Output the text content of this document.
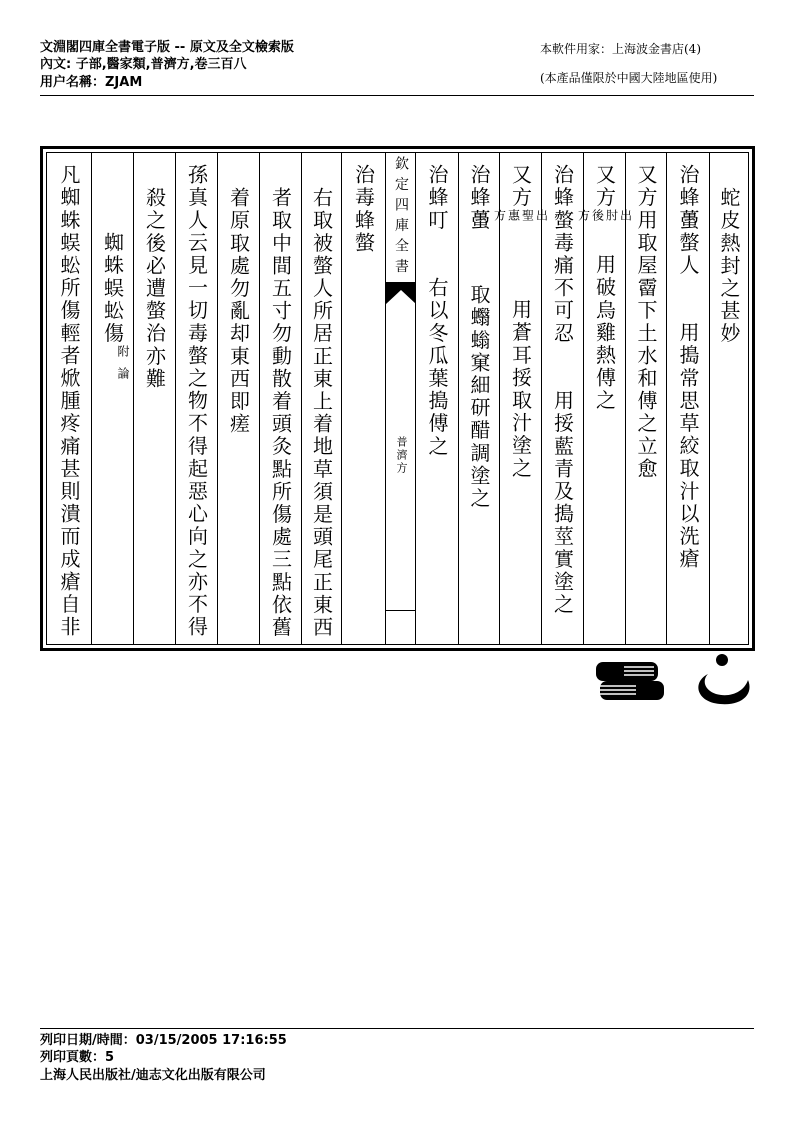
文淵閣四庫全書電子版 -- 原文及全文檢索版
內文: 子部,醫家類,普濟方,卷三百八
用户名稱：ZJAM
本軟件用家：上海波金書店(4)
(本產品僅限於中國大陸地區使用)
凡蜘蛛蜈蚣所傷輕者焮腫疼痛甚則潰而成瘡自非 蜘蛛蜈蚣傷
附論 殺之後必遭螫治亦難 孫真人云見一切毒螫之物不得起惡心向之亦不得 着原取處勿亂却東西即瘥 者取中間五寸勿動散着頭灸點所傷處三點依舊 右取被螫人所居正東上着地草須是頭尾正東西 治毒蜂螫	欽定四庫全書
普濟方
治蜂叮
右以冬瓜葉搗傅之
治蜂蠆
取蠮螉窠細研醋調塗之
又方
出聖惠方
用蒼耳挼取汁塗之
治蜂螫毒痛不可忍
用挼藍青及搗莖實塗之
又方
出肘後方
用破烏雞熱傅之 又方用取屋霤下土水和傅之立愈 治蜂蠆螫人
用搗常思草絞取汁以洗瘡
蛇皮熱封之甚妙
列印日期/時間：03/15/2005 17:16:55
列印頁數：5
上海人民出版社/迪志文化出版有限公司
